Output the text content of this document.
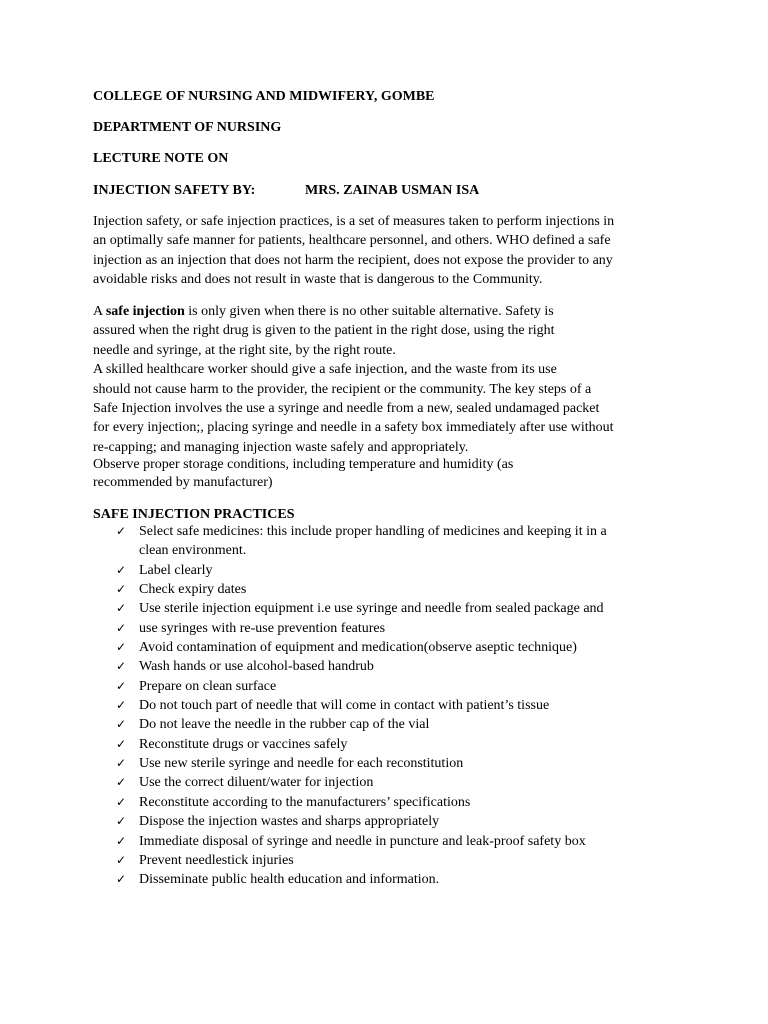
COLLEGE OF NURSING AND MIDWIFERY, GOMBE
DEPARTMENT OF NURSING
LECTURE NOTE ON
INJECTION SAFETY BY:	MRS. ZAINAB USMAN ISA

Injection safety, or safe injection practices, is a set of measures taken to perform injections in
an optimally safe manner for patients, healthcare personnel, and others. WHO defined a safe
injection as an injection that does not harm the recipient, does not expose the provider to any
avoidable risks and does not result in waste that is dangerous to the Community.

A safe injection is only given when there is no other suitable alternative. Safety is
assured when the right drug is given to the patient in the right dose, using the right
needle and syringe, at the right site, by the right route.
A skilled healthcare worker should give a safe injection, and the waste from its use
should not cause harm to the provider, the recipient or the community. The key steps of a
Safe Injection involves the use a syringe and needle from a new, sealed undamaged packet
for every injection;, placing syringe and needle in a safety box immediately after use without
re-capping; and managing injection waste safely and appropriately.

Observe proper storage conditions, including temperature and humidity (as
recommended by manufacturer)

SAFE INJECTION PRACTICES
✓ Select safe medicines: this include proper handling of medicines and keeping it in a
clean environment.
✓ Label clearly
✓ Check expiry dates
✓ Use sterile injection equipment i.e use syringe and needle from sealed package and
✓ use syringes with re-use prevention features
✓ Avoid contamination of equipment and medication(observe aseptic technique)
✓ Wash hands or use alcohol-based handrub
✓ Prepare on clean surface
✓ Do not touch part of needle that will come in contact with patient’s tissue
✓ Do not leave the needle in the rubber cap of the vial
✓ Reconstitute drugs or vaccines safely
✓ Use new sterile syringe and needle for each reconstitution
✓ Use the correct diluent/water for injection
✓ Reconstitute according to the manufacturers’ specifications
✓ Dispose the injection wastes and sharps appropriately
✓ Immediate disposal of syringe and needle in puncture and leak-proof safety box
✓ Prevent needlestick injuries
✓ Disseminate public health education and information.
